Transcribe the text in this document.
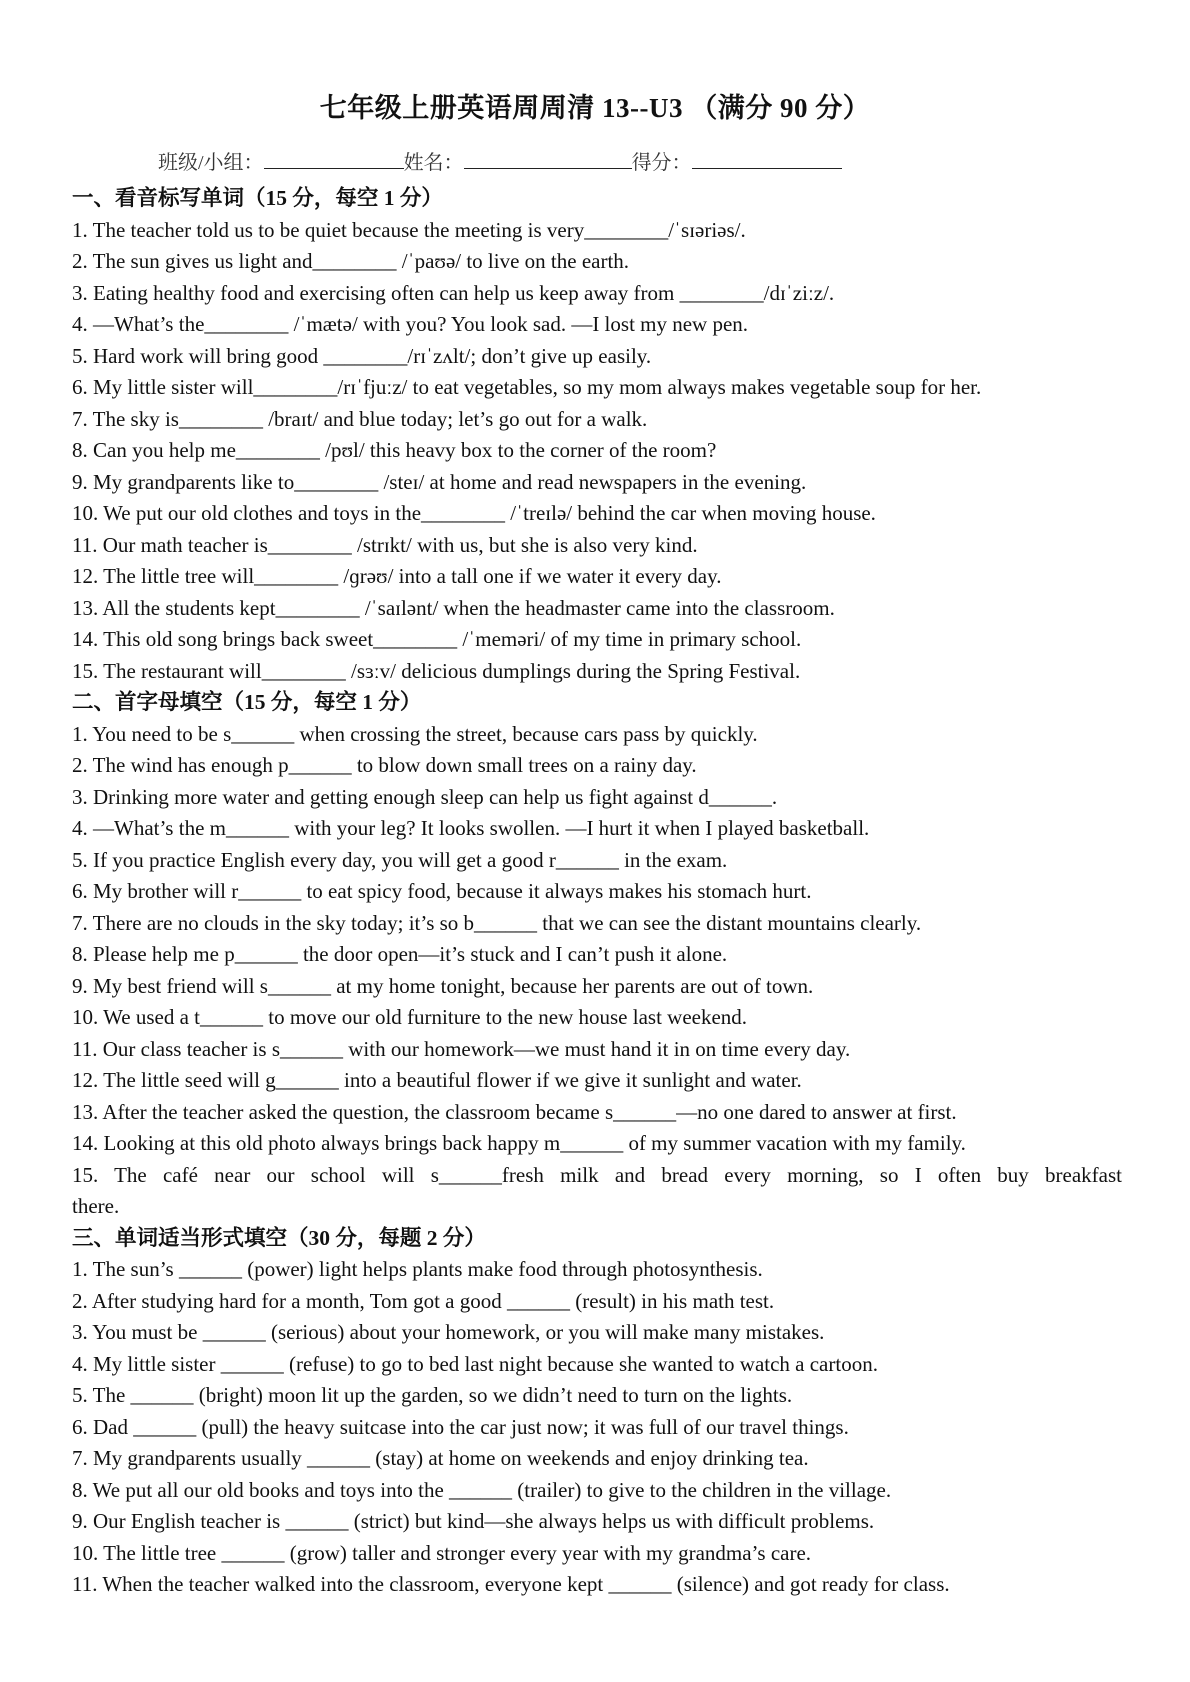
七年级上册英语周周清 13--U3 （满分 90 分）
班级/小组：	姓名：	得分：
一、看音标写单词（15 分，每空 1 分）
1. The teacher told us to be quiet because the meeting is very________/ˈsɪəriəs/.
2. The sun gives us light and________ /ˈpaʊə/ to live on the earth.
3. Eating healthy food and exercising often can help us keep away from ________/dɪˈziːz/.
4. —What’s the________ /ˈmætə/ with you? You look sad. —I lost my new pen.
5. Hard work will bring good ________/rɪˈzʌlt/; don’t give up easily.
6. My little sister will________/rɪˈfjuːz/ to eat vegetables, so my mom always makes vegetable soup for her.
7. The sky is________ /braɪt/ and blue today; let’s go out for a walk.
8. Can you help me________ /pʊl/ this heavy box to the corner of the room?
9. My grandparents like to________ /steɪ/ at home and read newspapers in the evening.
10. We put our old clothes and toys in the________ /ˈtreɪlə/ behind the car when moving house.
11. Our math teacher is________ /strɪkt/ with us, but she is also very kind.
12. The little tree will________ /ɡrəʊ/ into a tall one if we water it every day.
13. All the students kept________ /ˈsaɪlənt/ when the headmaster came into the classroom.
14. This old song brings back sweet________ /ˈmeməri/ of my time in primary school.
15. The restaurant will________ /sɜːv/ delicious dumplings during the Spring Festival.
二、首字母填空（15 分，每空 1 分）
1. You need to be s______ when crossing the street, because cars pass by quickly.
2. The wind has enough p______ to blow down small trees on a rainy day.
3. Drinking more water and getting enough sleep can help us fight against d______.
4. —What’s the m______ with your leg? It looks swollen. —I hurt it when I played basketball.
5. If you practice English every day, you will get a good r______ in the exam.
6. My brother will r______ to eat spicy food, because it always makes his stomach hurt.
7. There are no clouds in the sky today; it’s so b______ that we can see the distant mountains clearly.
8. Please help me p______ the door open—it’s stuck and I can’t push it alone.
9. My best friend will s______ at my home tonight, because her parents are out of town.
10. We used a t______ to move our old furniture to the new house last weekend.
11. Our class teacher is s______ with our homework—we must hand it in on time every day.
12. The little seed will g______ into a beautiful flower if we give it sunlight and water.
13. After the teacher asked the question, the classroom became s______—no one dared to answer at first.
14. Looking at this old photo always brings back happy m______ of my summer vacation with my family.
15. The café near our school will s______fresh milk and bread every morning, so I often buy breakfast
there.
三、单词适当形式填空（30 分，每题 2 分）
1. The sun’s ______ (power) light helps plants make food through photosynthesis.
2. After studying hard for a month, Tom got a good ______ (result) in his math test.
3. You must be ______ (serious) about your homework, or you will make many mistakes.
4. My little sister ______ (refuse) to go to bed last night because she wanted to watch a cartoon.
5. The ______ (bright) moon lit up the garden, so we didn’t need to turn on the lights.
6. Dad ______ (pull) the heavy suitcase into the car just now; it was full of our travel things.
7. My grandparents usually ______ (stay) at home on weekends and enjoy drinking tea.
8. We put all our old books and toys into the ______ (trailer) to give to the children in the village.
9. Our English teacher is ______ (strict) but kind—she always helps us with difficult problems.
10. The little tree ______ (grow) taller and stronger every year with my grandma’s care.
11. When the teacher walked into the classroom, everyone kept ______ (silence) and got ready for class.
